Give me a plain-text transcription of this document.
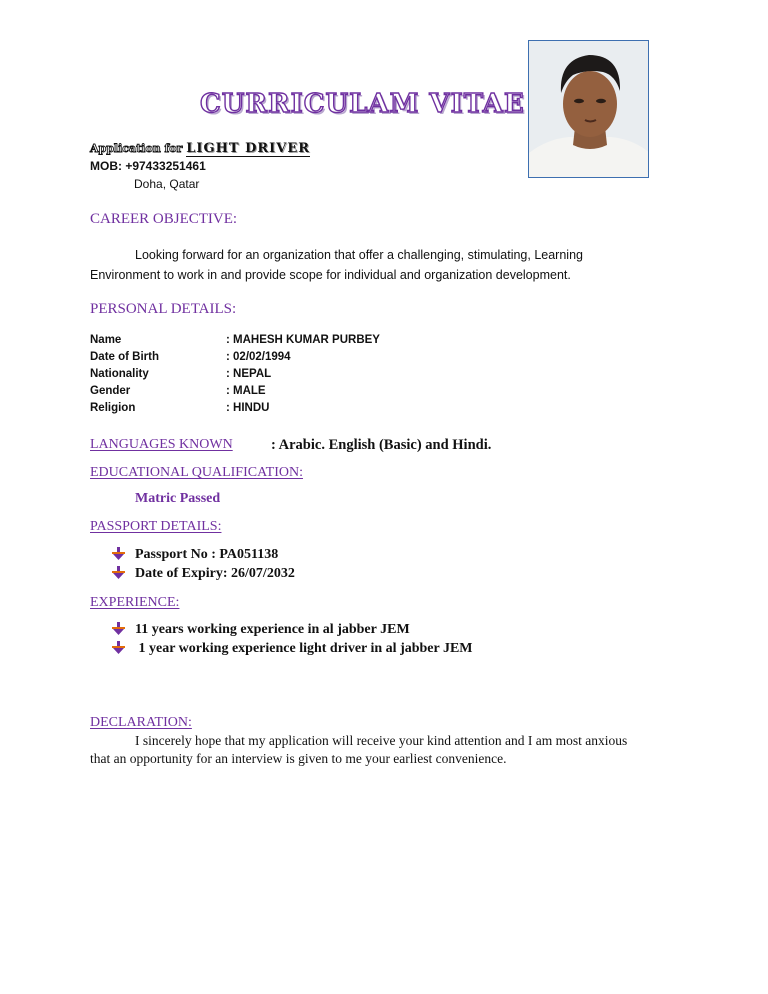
CURRICULAM VITAE
Application for LIGHT DRIVER
MOB: +97433251461
Doha, Qatar
CAREER OBJECTIVE:
Looking forward for an organization that offer a challenging, stimulating, Learning Environment to work in and provide scope for individual and organization development.
PERSONAL DETAILS:
Name	: MAHESH KUMAR PURBEY
Date of Birth	: 02/02/1994
Nationality	: NEPAL
Gender	: MALE
Religion	: HINDU
LANGUAGES KNOWN	: Arabic. English (Basic) and Hindi.
EDUCATIONAL QUALIFICATION:
Matric Passed
PASSPORT DETAILS:
Passport No : PA051138
Date of Expiry: 26/07/2032
EXPERIENCE:
11 years working experience in al jabber JEM
1 year working experience light driver in al jabber JEM
DECLARATION:
I sincerely hope that my application will receive your kind attention and I am most anxious that an opportunity for an interview is given to me your earliest convenience.
